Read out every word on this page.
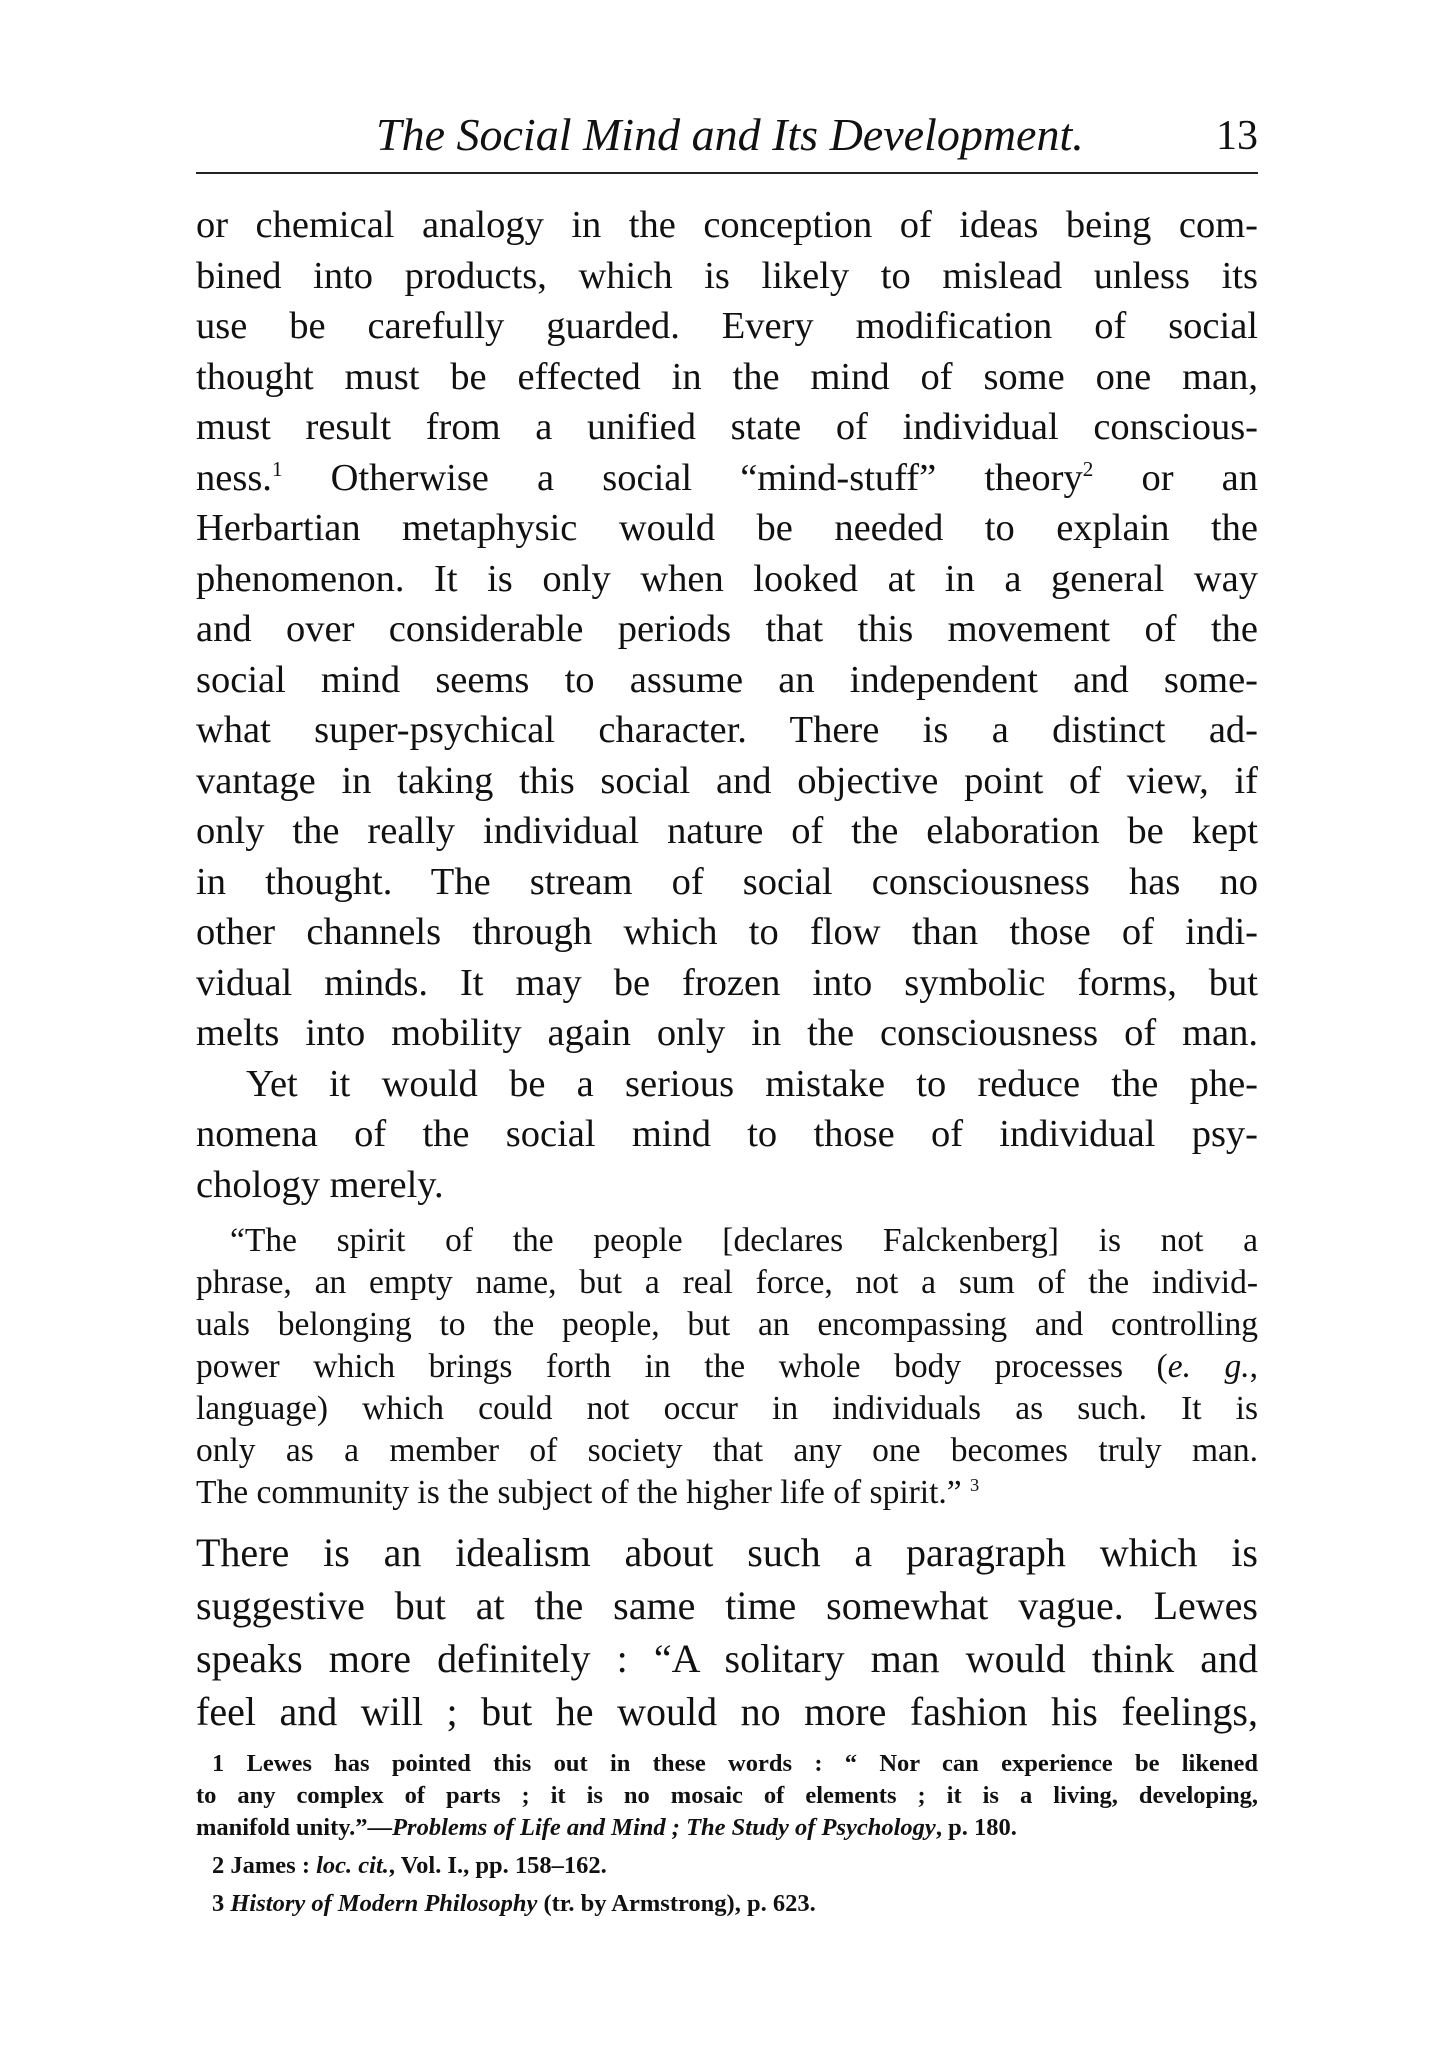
The Social Mind and Its Development.	13
or chemical analogy in the conception of ideas being com-
bined into products, which is likely to mislead unless its
use be carefully guarded. Every modification of social
thought must be effected in the mind of some one man,
must result from a unified state of individual conscious-
ness.$^1$ Otherwise a social “mind-stuff” theory$^2$ or an
Herbartian metaphysic would be needed to explain the
phenomenon. It is only when looked at in a general way
and over considerable periods that this movement of the
social mind seems to assume an independent and some-
what super-psychical character. There is a distinct ad-
vantage in taking this social and objective point of view, if
only the really individual nature of the elaboration be kept
in thought. The stream of social consciousness has no
other channels through which to flow than those of indi-
vidual minds. It may be frozen into symbolic forms, but
melts into mobility again only in the consciousness of man.
Yet it would be a serious mistake to reduce the phe-
nomena of the social mind to those of individual psy-
chology merely.
“The spirit of the people [declares Falckenberg] is not a
phrase, an empty name, but a real force, not a sum of the individ-
uals belonging to the people, but an encompassing and controlling
power which brings forth in the whole body processes (e. g.,
language) which could not occur in individuals as such. It is
only as a member of society that any one becomes truly man.
The community is the subject of the higher life of spirit.” $^3$
There is an idealism about such a paragraph which is
suggestive but at the same time somewhat vague. Lewes
speaks more definitely : “A solitary man would think and
feel and will ; but he would no more fashion his feelings,
1 Lewes has pointed this out in these words : “ Nor can experience be likened
to any complex of parts ; it is no mosaic of elements ; it is a living, developing,
manifold unity.”—Problems of Life and Mind ; The Study of Psychology, p. 180.
2 James : loc. cit., Vol. I., pp. 158–162.
3 History of Modern Philosophy (tr. by Armstrong), p. 623.
